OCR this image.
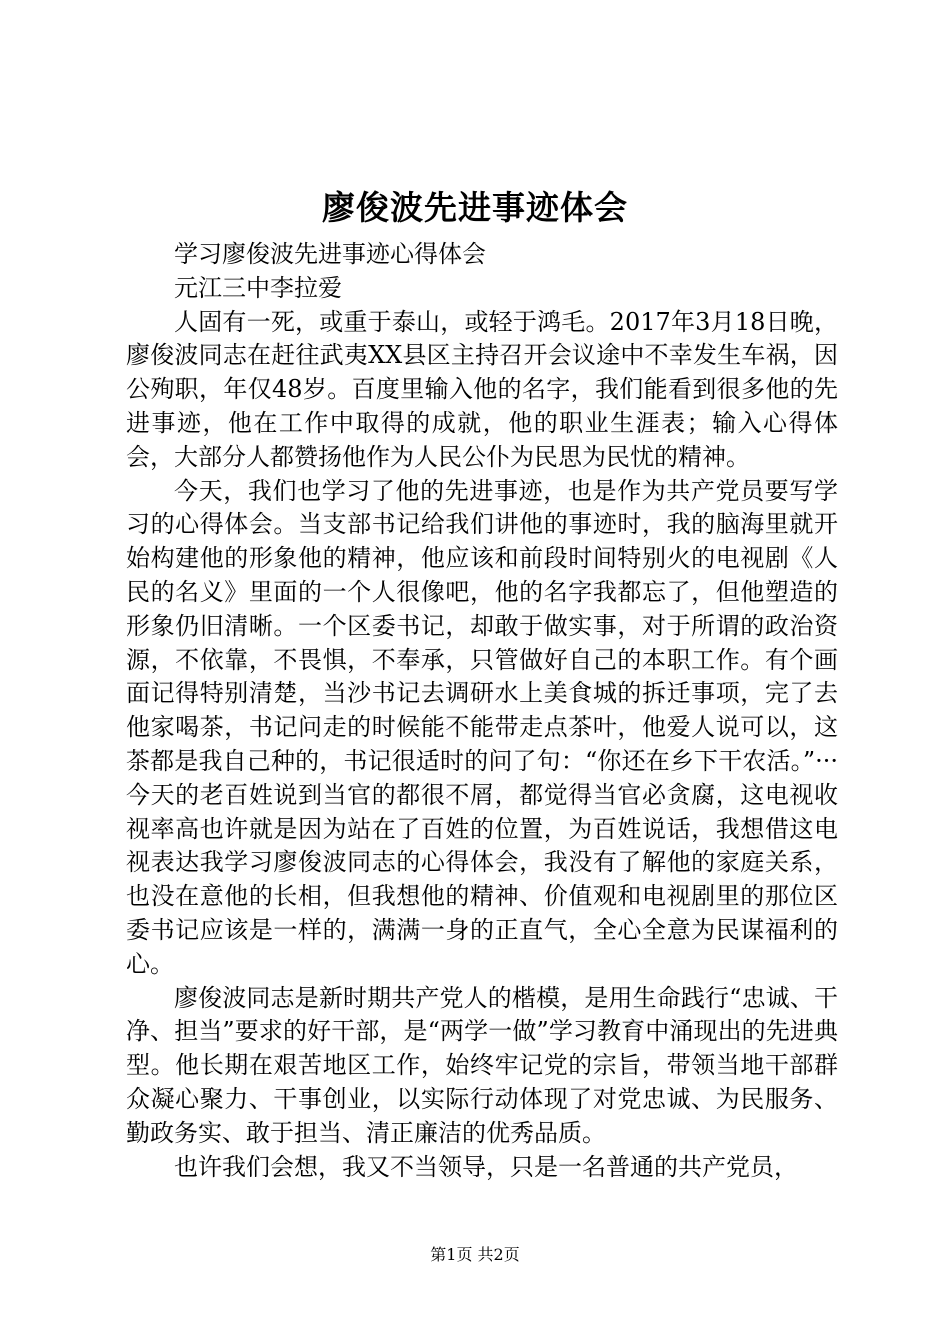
廖俊波先进事迹体会

学习廖俊波先进事迹心得体会

元江三中李拉爱

人固有一死，或重于泰山，或轻于鸿毛。2017年3月18日晚，廖俊波同志在赶往武夷XX县区主持召开会议途中不幸发生车祸，因公殉职，年仅48岁。百度里输入他的名字，我们能看到很多他的先进事迹，他在工作中取得的成就，他的职业生涯表；输入心得体会，大部分人都赞扬他作为人民公仆为民思为民忧的精神。

今天，我们也学习了他的先进事迹，也是作为共产党员要写学习的心得体会。当支部书记给我们讲他的事迹时，我的脑海里就开始构建他的形象他的精神，他应该和前段时间特别火的电视剧《人民的名义》里面的一个人很像吧，他的名字我都忘了，但他塑造的形象仍旧清晰。一个区委书记，却敢于做实事，对于所谓的政治资源，不依靠，不畏惧，不奉承，只管做好自己的本职工作。有个画面记得特别清楚，当沙书记去调研水上美食城的拆迁事项，完了去他家喝茶，书记问走的时候能不能带走点茶叶，他爱人说可以，这茶都是我自己种的，书记很适时的问了句：“你还在乡下干农活。”···今天的老百姓说到当官的都很不屑，都觉得当官必贪腐，这电视收视率高也许就是因为站在了百姓的位置，为百姓说话，我想借这电视表达我学习廖俊波同志的心得体会，我没有了解他的家庭关系，也没在意他的长相，但我想他的精神、价值观和电视剧里的那位区委书记应该是一样的，满满一身的正直气，全心全意为民谋福利的心。

廖俊波同志是新时期共产党人的楷模，是用生命践行“忠诚、干净、担当”要求的好干部，是“两学一做”学习教育中涌现出的先进典型。他长期在艰苦地区工作，始终牢记党的宗旨，带领当地干部群众凝心聚力、干事创业，以实际行动体现了对党忠诚、为民服务、勤政务实、敢于担当、清正廉洁的优秀品质。

也许我们会想，我又不当领导，只是一名普通的共产党员，

第1页 共2页
